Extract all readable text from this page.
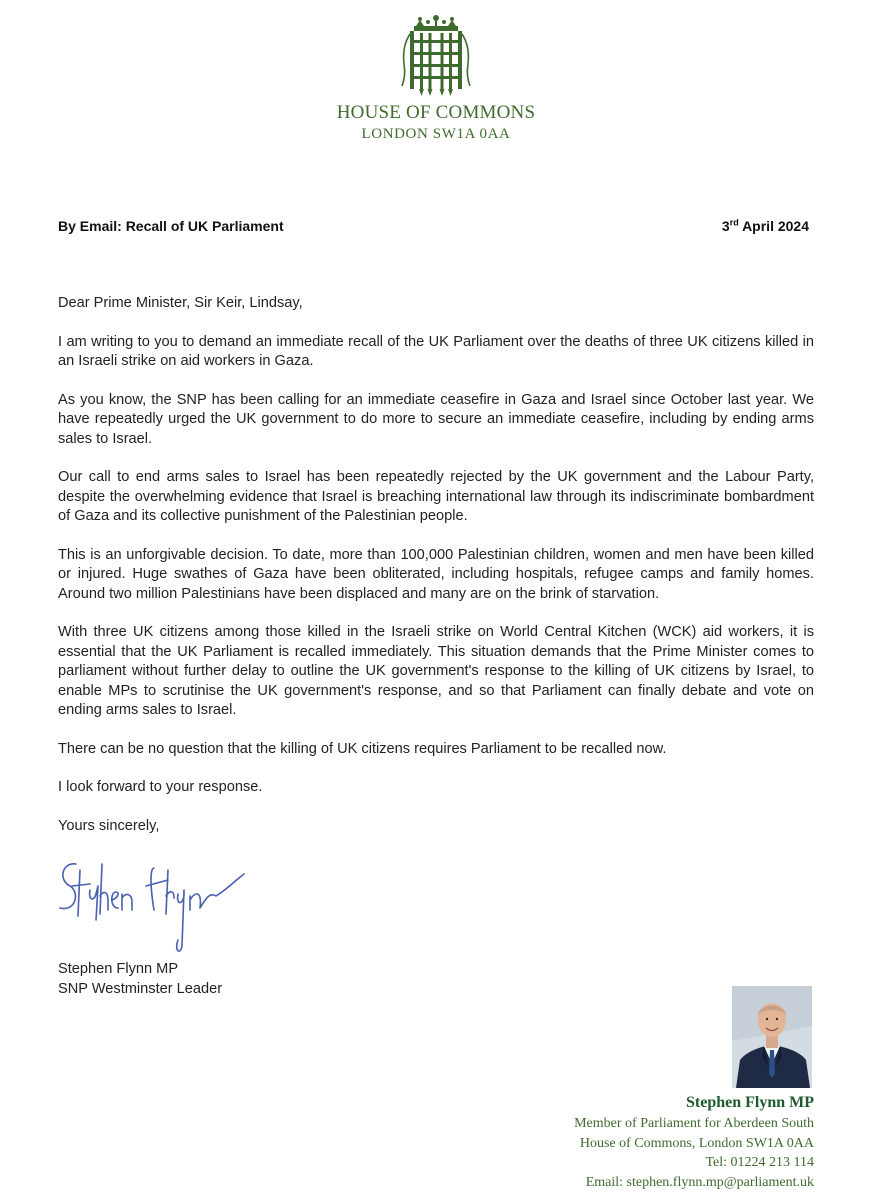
HOUSE OF COMMONS
LONDON SW1A 0AA
By Email: Recall of UK Parliament	3rd April 2024

Dear Prime Minister, Sir Keir, Lindsay,

I am writing to you to demand an immediate recall of the UK Parliament over the deaths of three UK citizens killed in an Israeli strike on aid workers in Gaza.

As you know, the SNP has been calling for an immediate ceasefire in Gaza and Israel since October last year. We have repeatedly urged the UK government to do more to secure an immediate ceasefire, including by ending arms sales to Israel.

Our call to end arms sales to Israel has been repeatedly rejected by the UK government and the Labour Party, despite the overwhelming evidence that Israel is breaching international law through its indiscriminate bombardment of Gaza and its collective punishment of the Palestinian people.

This is an unforgivable decision. To date, more than 100,000 Palestinian children, women and men have been killed or injured. Huge swathes of Gaza have been obliterated, including hospitals, refugee camps and family homes. Around two million Palestinians have been displaced and many are on the brink of starvation.

With three UK citizens among those killed in the Israeli strike on World Central Kitchen (WCK) aid workers, it is essential that the UK Parliament is recalled immediately. This situation demands that the Prime Minister comes to parliament without further delay to outline the UK government's response to the killing of UK citizens by Israel, to enable MPs to scrutinise the UK government's response, and so that Parliament can finally debate and vote on ending arms sales to Israel.

There can be no question that the killing of UK citizens requires Parliament to be recalled now.

I look forward to your response.

Yours sincerely,

Stephen Flynn MP
SNP Westminster Leader
Stephen Flynn MP
Member of Parliament for Aberdeen South
House of Commons, London SW1A 0AA
Tel: 01224 213 114
Email: stephen.flynn.mp@parliament.uk
